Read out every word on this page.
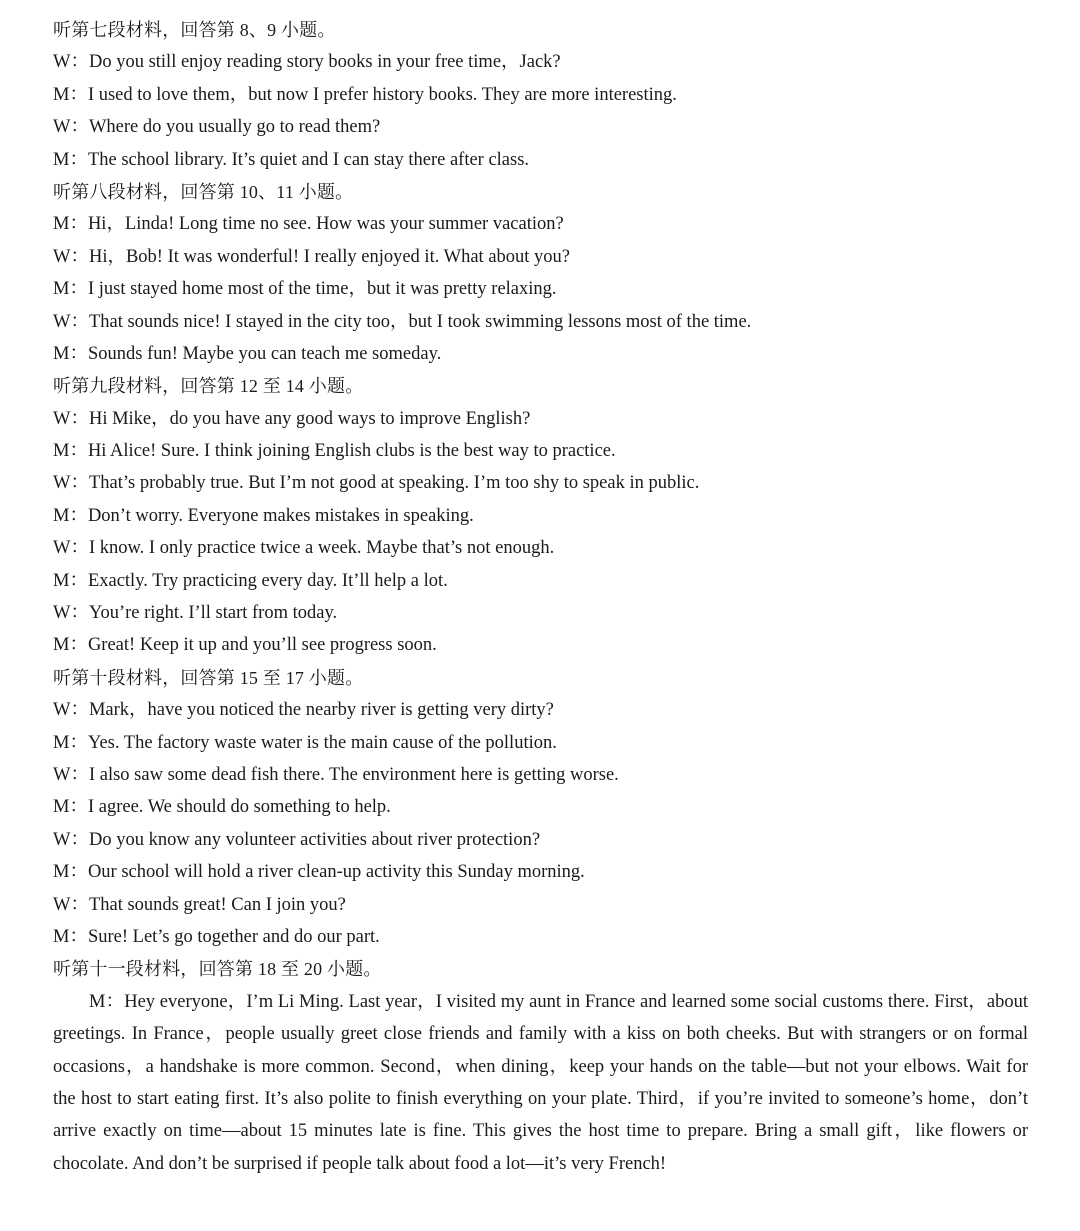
听第七段材料，回答第 8、9 小题。
W：Do you still enjoy reading story books in your free time，Jack?
M：I used to love them，but now I prefer history books. They are more interesting.
W：Where do you usually go to read them?
M：The school library. It’s quiet and I can stay there after class.
听第八段材料，回答第 10、11 小题。
M：Hi，Linda! Long time no see. How was your summer vacation?
W：Hi，Bob! It was wonderful! I really enjoyed it. What about you?
M：I just stayed home most of the time，but it was pretty relaxing.
W：That sounds nice! I stayed in the city too，but I took swimming lessons most of the time.
M：Sounds fun! Maybe you can teach me someday.
听第九段材料，回答第 12 至 14 小题。
W：Hi Mike，do you have any good ways to improve English?
M：Hi Alice! Sure. I think joining English clubs is the best way to practice.
W：That’s probably true. But I’m not good at speaking. I’m too shy to speak in public.
M：Don’t worry. Everyone makes mistakes in speaking.
W：I know. I only practice twice a week. Maybe that’s not enough.
M：Exactly. Try practicing every day. It’ll help a lot.
W：You’re right. I’ll start from today.
M：Great! Keep it up and you’ll see progress soon.
听第十段材料，回答第 15 至 17 小题。
W：Mark，have you noticed the nearby river is getting very dirty?
M：Yes. The factory waste water is the main cause of the pollution.
W：I also saw some dead fish there. The environment here is getting worse.
M：I agree. We should do something to help.
W：Do you know any volunteer activities about river protection?
M：Our school will hold a river clean-up activity this Sunday morning.
W：That sounds great! Can I join you?
M：Sure! Let’s go together and do our part.
听第十一段材料，回答第 18 至 20 小题。
M：Hey everyone，I’m Li Ming. Last year，I visited my aunt in France and learned some social customs there. First，about greetings. In France，people usually greet close friends and family with a kiss on both cheeks. But with strangers or on formal occasions，a handshake is more common. Second，when dining，keep your hands on the table—but not your elbows. Wait for the host to start eating first. It’s also polite to finish everything on your plate. Third，if you’re invited to someone’s home，don’t arrive exactly on time—about 15 minutes late is fine. This gives the host time to prepare. Bring a small gift，like flowers or chocolate. And don’t be surprised if people talk about food a lot—it’s very French!
